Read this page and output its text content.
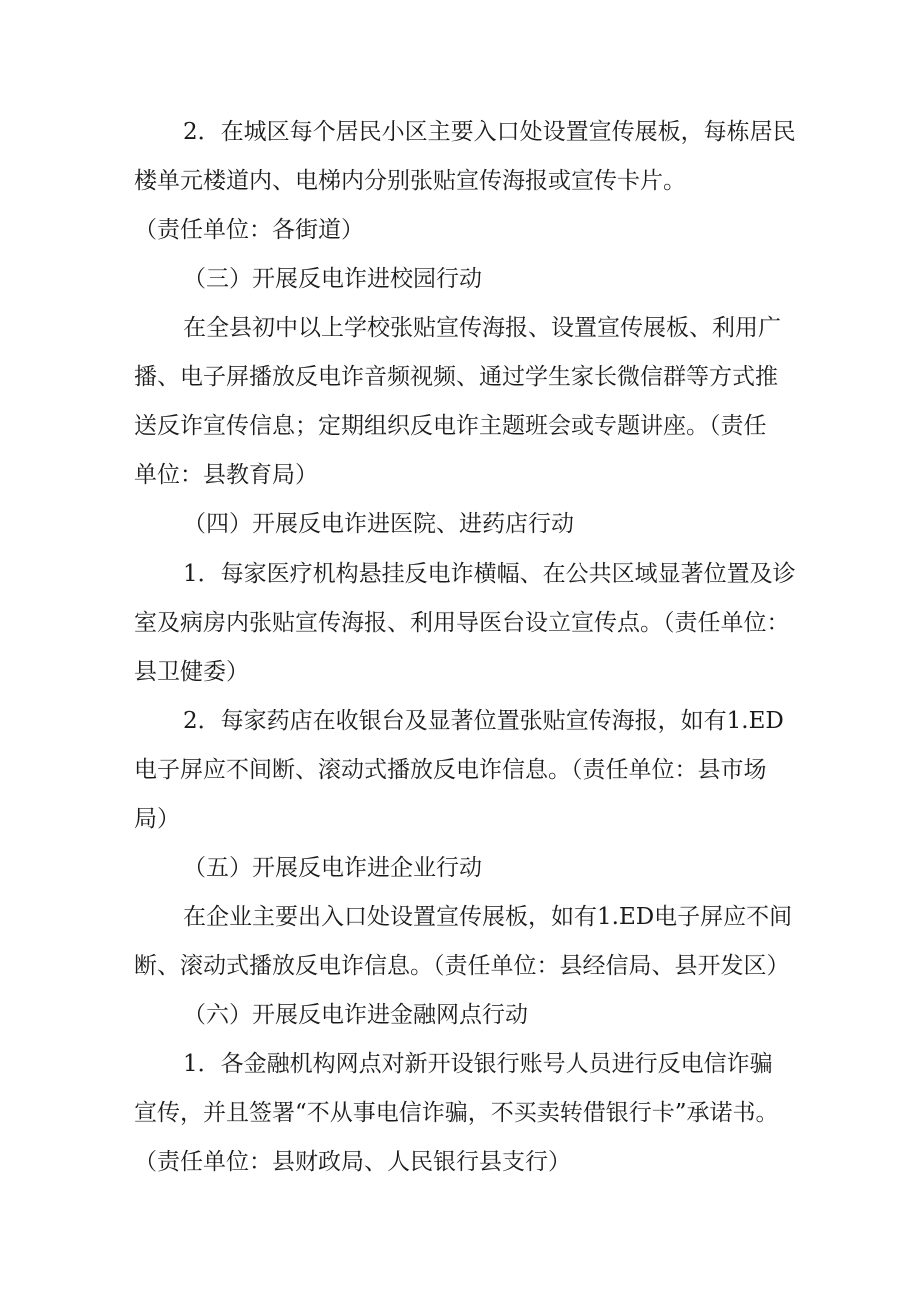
2．在城区每个居民小区主要入口处设置宣传展板，每栋居民
楼单元楼道内、电梯内分别张贴宣传海报或宣传卡片。
（责任单位：各街道）
（三）开展反电诈进校园行动
在全县初中以上学校张贴宣传海报、设置宣传展板、利用广
播、电子屏播放反电诈音频视频、通过学生家长微信群等方式推
送反诈宣传信息；定期组织反电诈主题班会或专题讲座。（责任
单位：县教育局）
（四）开展反电诈进医院、进药店行动
1．每家医疗机构悬挂反电诈横幅、在公共区域显著位置及诊
室及病房内张贴宣传海报、利用导医台设立宣传点。（责任单位：
县卫健委）
2．每家药店在收银台及显著位置张贴宣传海报，如有1.ED
电子屏应不间断、滚动式播放反电诈信息。（责任单位：县市场
局）
（五）开展反电诈进企业行动
在企业主要出入口处设置宣传展板，如有1.ED电子屏应不间
断、滚动式播放反电诈信息。（责任单位：县经信局、县开发区）
（六）开展反电诈进金融网点行动
1．各金融机构网点对新开设银行账号人员进行反电信诈骗
宣传，并且签署“不从事电信诈骗，不买卖转借银行卡”承诺书。
（责任单位：县财政局、人民银行县支行）
